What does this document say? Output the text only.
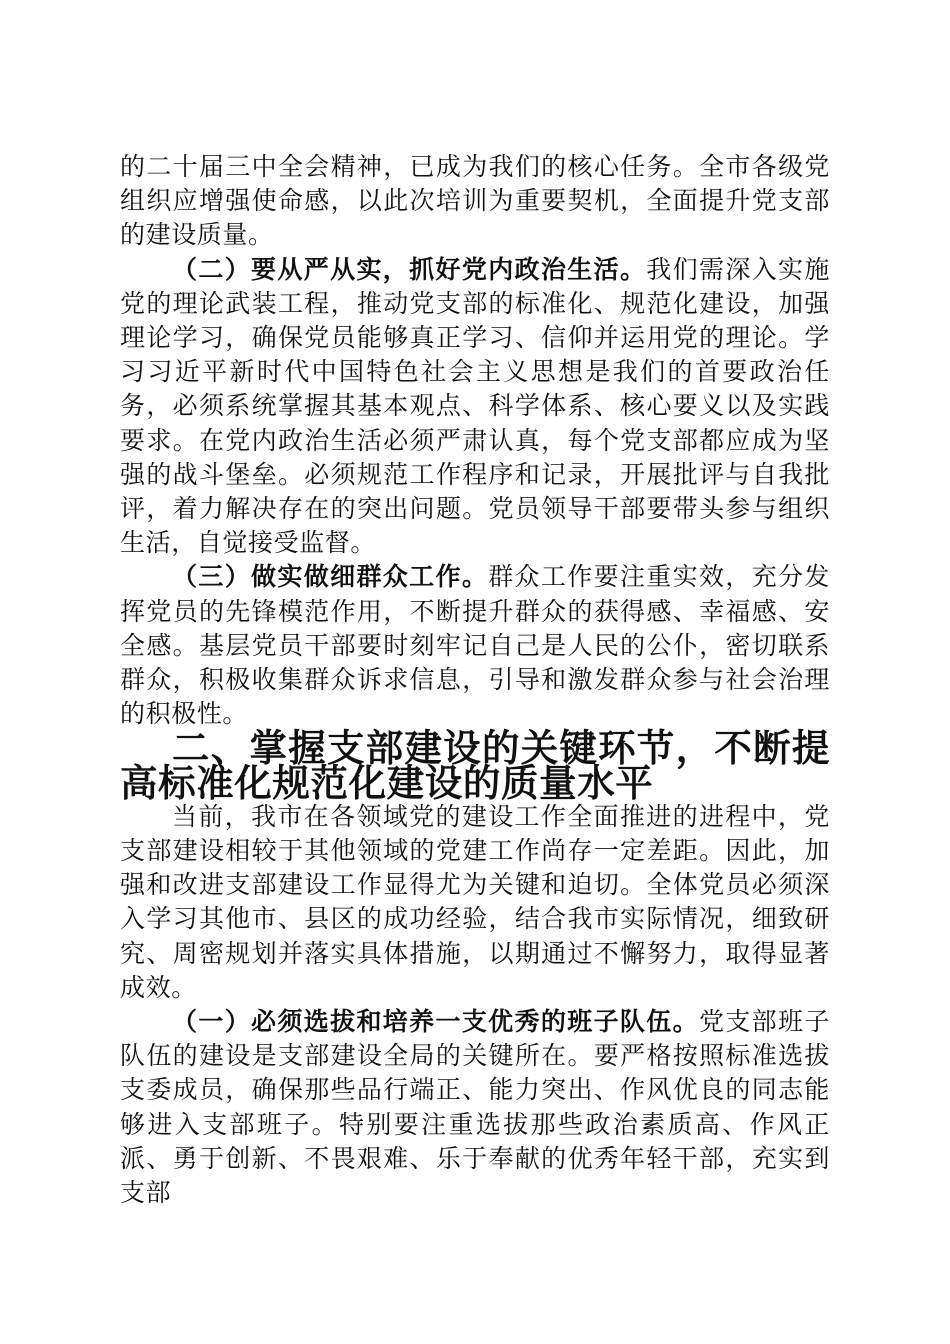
的二十届三中全会精神，已成为我们的核心任务。全市各级党组织应增强使命感，以此次培训为重要契机，全面提升党支部的建设质量。

（二）要从严从实，抓好党内政治生活。我们需深入实施党的理论武装工程，推动党支部的标准化、规范化建设，加强理论学习，确保党员能够真正学习、信仰并运用党的理论。学习习近平新时代中国特色社会主义思想是我们的首要政治任务，必须系统掌握其基本观点、科学体系、核心要义以及实践要求。在党内政治生活必须严肃认真，每个党支部都应成为坚强的战斗堡垒。必须规范工作程序和记录，开展批评与自我批评，着力解决存在的突出问题。党员领导干部要带头参与组织生活，自觉接受监督。

（三）做实做细群众工作。群众工作要注重实效，充分发挥党员的先锋模范作用，不断提升群众的获得感、幸福感、安全感。基层党员干部要时刻牢记自己是人民的公仆，密切联系群众，积极收集群众诉求信息，引导和激发群众参与社会治理的积极性。

二、掌握支部建设的关键环节，不断提高标准化规范化建设的质量水平

当前，我市在各领域党的建设工作全面推进的进程中，党支部建设相较于其他领域的党建工作尚存一定差距。因此，加强和改进支部建设工作显得尤为关键和迫切。全体党员必须深入学习其他市、县区的成功经验，结合我市实际情况，细致研究、周密规划并落实具体措施，以期通过不懈努力，取得显著成效。

（一）必须选拔和培养一支优秀的班子队伍。党支部班子队伍的建设是支部建设全局的关键所在。要严格按照标准选拔支委成员，确保那些品行端正、能力突出、作风优良的同志能够进入支部班子。特别要注重选拔那些政治素质高、作风正派、勇于创新、不畏艰难、乐于奉献的优秀年轻干部，充实到支部
